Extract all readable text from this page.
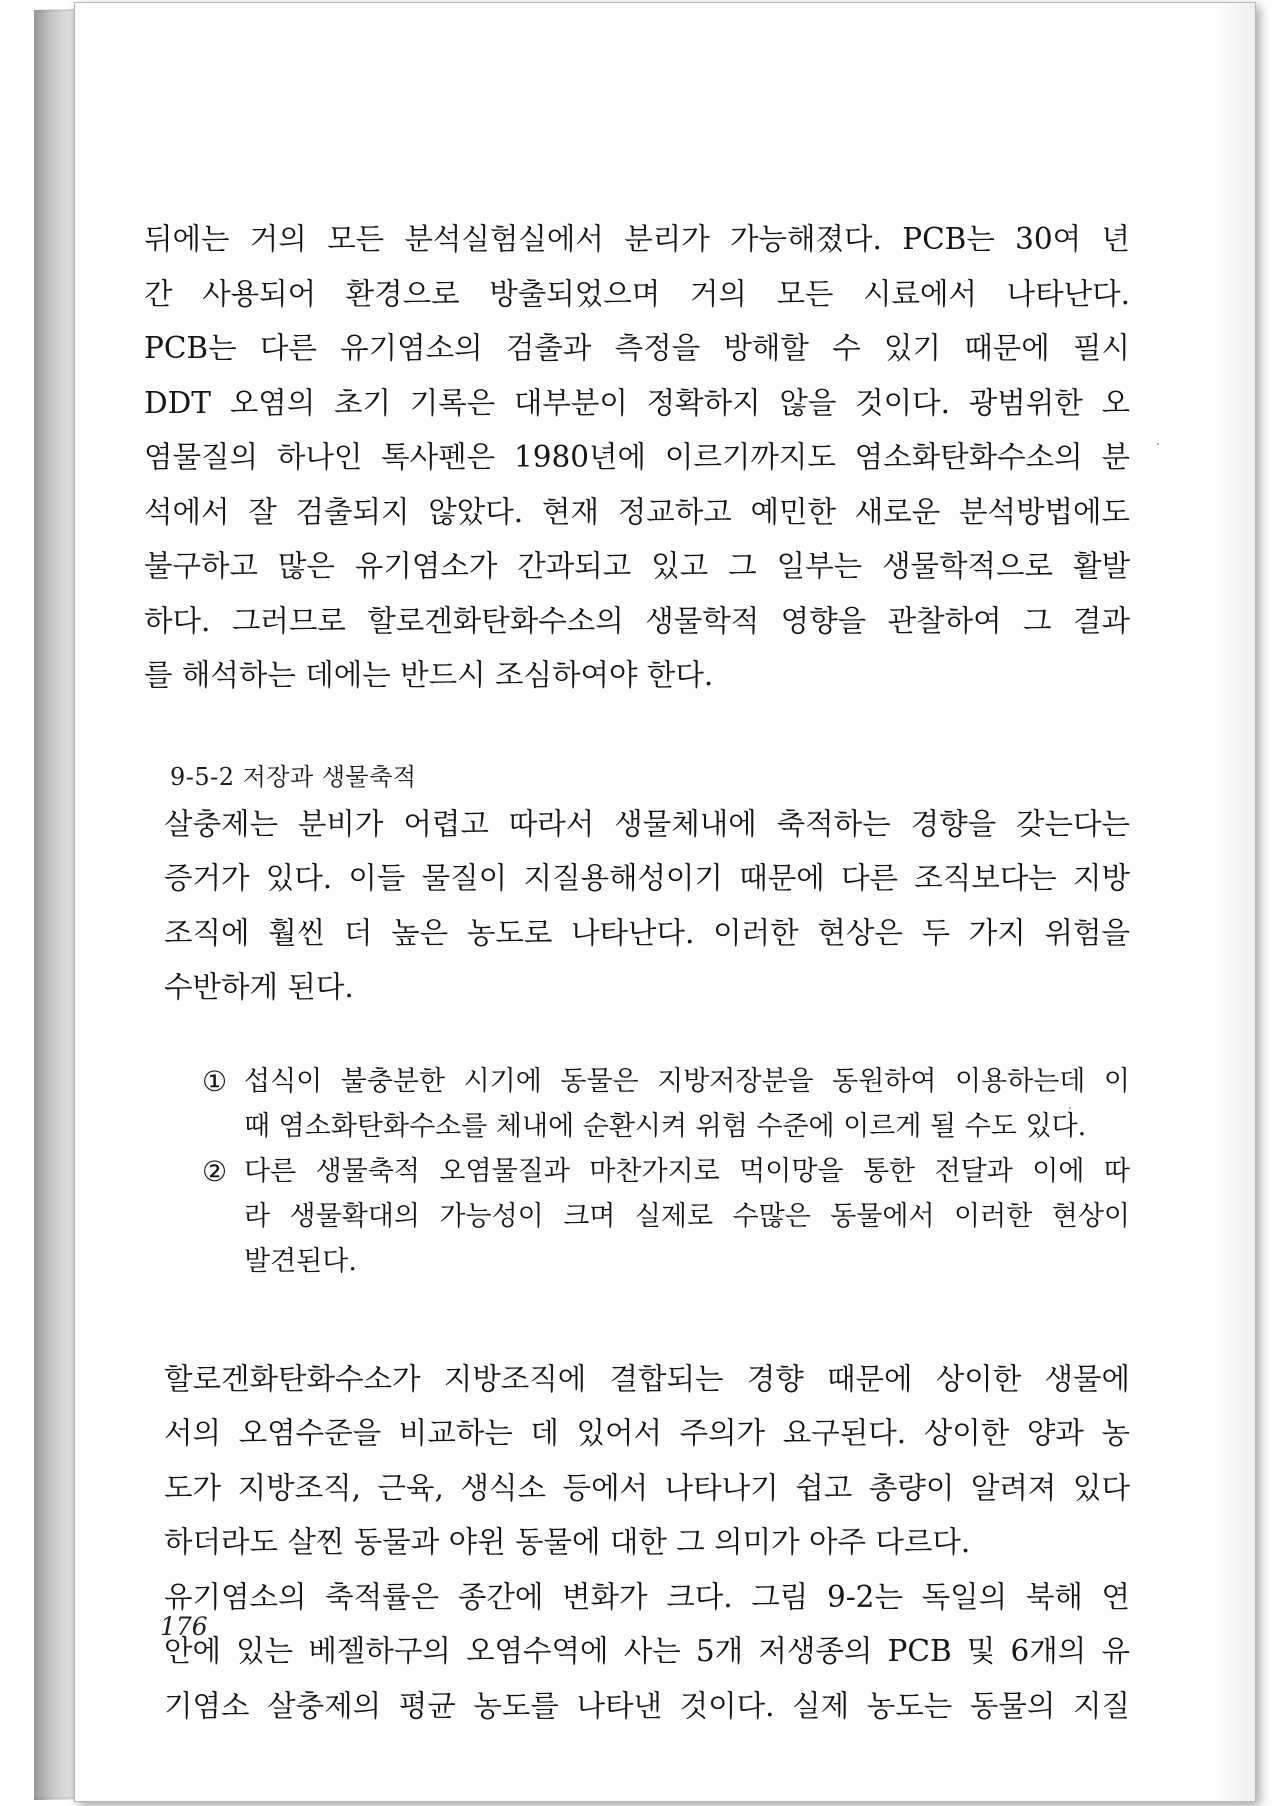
뒤에는 거의 모든 분석실험실에서 분리가 가능해졌다. PCB는 30여 년
간 사용되어 환경으로 방출되었으며 거의 모든 시료에서 나타난다.
PCB는 다른 유기염소의 검출과 측정을 방해할 수 있기 때문에 필시
DDT 오염의 초기 기록은 대부분이 정확하지 않을 것이다. 광범위한 오
염물질의 하나인 톡사펜은 1980년에 이르기까지도 염소화탄화수소의 분
석에서 잘 검출되지 않았다. 현재 정교하고 예민한 새로운 분석방법에도
불구하고 많은 유기염소가 간과되고 있고 그 일부는 생물학적으로 활발
하다. 그러므로 할로겐화탄화수소의 생물학적 영향을 관찰하여 그 결과
를 해석하는 데에는 반드시 조심하여야 한다.

9-5-2 저장과 생물축적

살충제는 분비가 어렵고 따라서 생물체내에 축적하는 경향을 갖는다는
증거가 있다. 이들 물질이 지질용해성이기 때문에 다른 조직보다는 지방
조직에 훨씬 더 높은 농도로 나타난다. 이러한 현상은 두 가지 위험을
수반하게 된다.

① 섭식이 불충분한 시기에 동물은 지방저장분을 동원하여 이용하는데 이
때 염소화탄화수소를 체내에 순환시켜 위험 수준에 이르게 될 수도 있다.
② 다른 생물축적 오염물질과 마찬가지로 먹이망을 통한 전달과 이에 따
라 생물확대의 가능성이 크며 실제로 수많은 동물에서 이러한 현상이
발견된다.

할로겐화탄화수소가 지방조직에 결합되는 경향 때문에 상이한 생물에
서의 오염수준을 비교하는 데 있어서 주의가 요구된다. 상이한 양과 농
도가 지방조직, 근육, 생식소 등에서 나타나기 쉽고 총량이 알려져 있다
하더라도 살찐 동물과 야윈 동물에 대한 그 의미가 아주 다르다.

유기염소의 축적률은 종간에 변화가 크다. 그림 9-2는 독일의 북해 연
안에 있는 베젤하구의 오염수역에 사는 5개 저생종의 PCB 및 6개의 유
기염소 살충제의 평균 농도를 나타낸 것이다. 실제 농도는 동물의 지질

176
